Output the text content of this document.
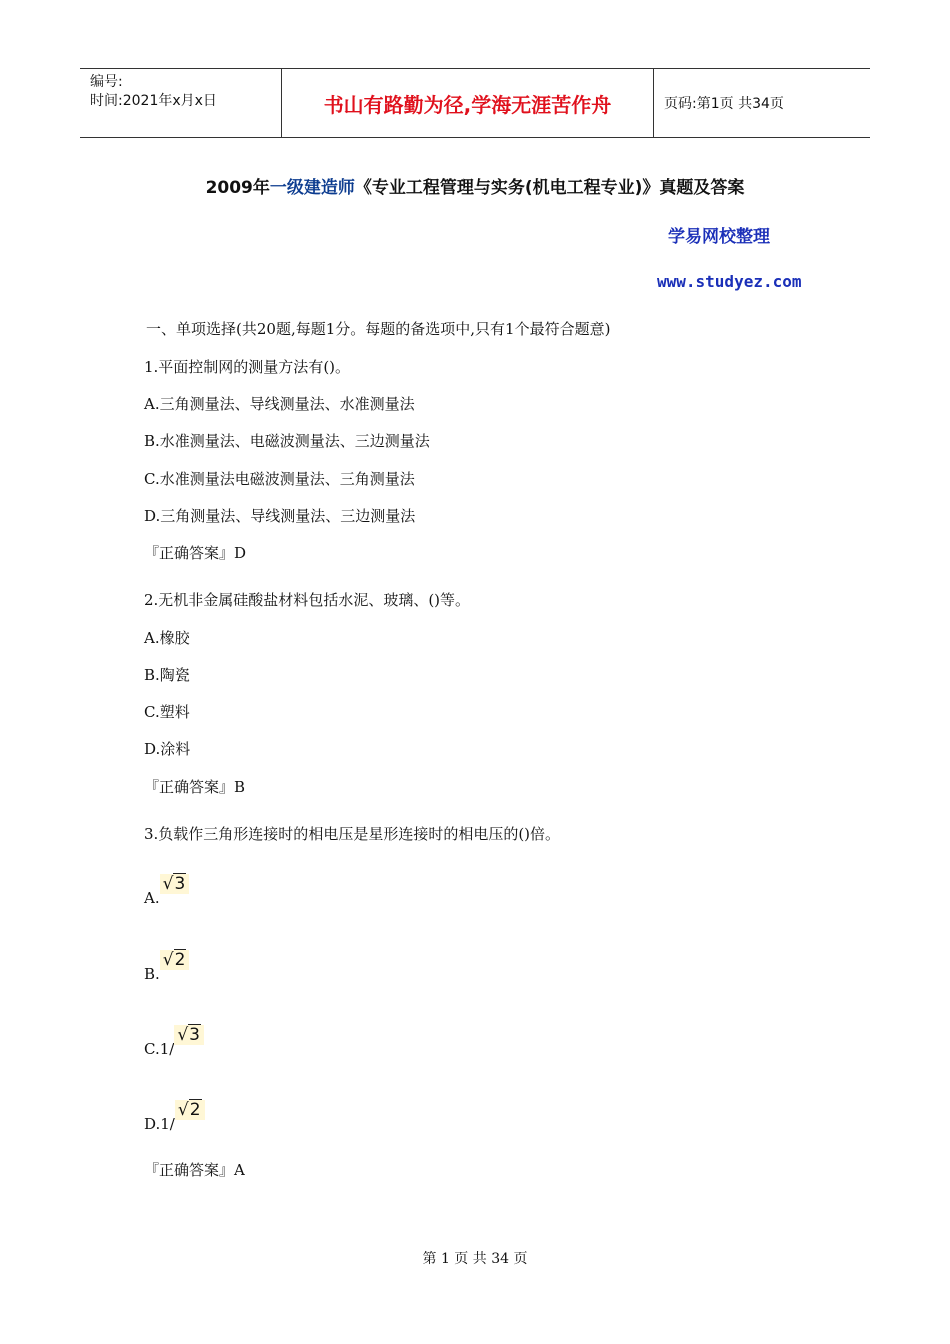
编号:
时间:2021年x月x日	书山有路勤为径,学海无涯苦作舟	页码:第1页 共34页
2009年一级建造师《专业工程管理与实务(机电工程专业)》真题及答案
学易网校整理
www.studyez.com
一、单项选择(共20题,每题1分。每题的备选项中,只有1个最符合题意)
1.平面控制网的测量方法有()。
A.三角测量法、导线测量法、水准测量法
B.水准测量法、电磁波测量法、三边测量法
C.水准测量法电磁波测量法、三角测量法
D.三角测量法、导线测量法、三边测量法
『正确答案』D
2.无机非金属硅酸盐材料包括水泥、玻璃、()等。
A.橡胶
B.陶瓷
C.塑料
D.涂料
『正确答案』B
3.负载作三角形连接时的相电压是星形连接时的相电压的()倍。
A.√3
B.√2
C.1/√3
D.1/√2
『正确答案』A
第 1 页 共 34 页
